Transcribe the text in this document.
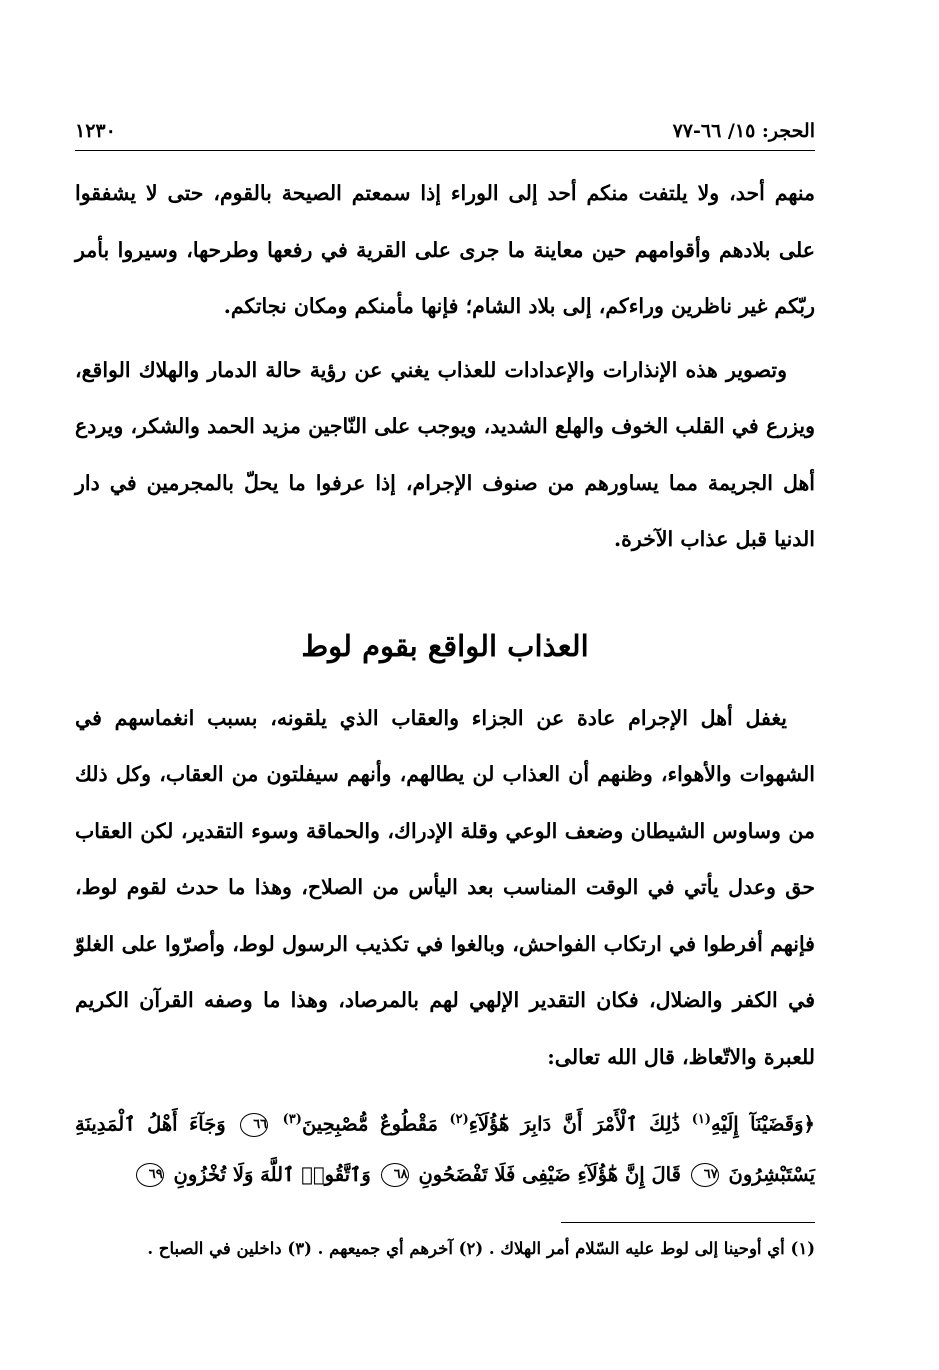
الحجر: ١٥/ ٦٦-٧٧
١٢٣٠

منهم أحد، ولا يلتفت منكم أحد إلى الوراء إذا سمعتم الصيحة بالقوم، حتى لا يشفقوا على بلادهم وأقوامهم حين معاينة ما جرى على القرية في رفعها وطرحها، وسيروا بأمر ربّكم غير ناظرين وراءكم، إلى بلاد الشام؛ فإنها مأمنكم ومكان نجاتكم.

وتصوير هذه الإنذارات والإعدادات للعذاب يغني عن رؤية حالة الدمار والهلاك الواقع، ويزرع في القلب الخوف والهلع الشديد، ويوجب على النّاجين مزيد الحمد والشكر، ويردع أهل الجريمة مما يساورهم من صنوف الإجرام، إذا عرفوا ما يحلّ بالمجرمين في دار الدنيا قبل عذاب الآخرة.

العذاب الواقع بقوم لوط

يغفل أهل الإجرام عادة عن الجزاء والعقاب الذي يلقونه، بسبب انغماسهم في الشهوات والأهواء، وظنهم أن العذاب لن يطالهم، وأنهم سيفلتون من العقاب، وكل ذلك من وساوس الشيطان وضعف الوعي وقلة الإدراك، والحماقة وسوء التقدير، لكن العقاب حق وعدل يأتي في الوقت المناسب بعد اليأس من الصلاح، وهذا ما حدث لقوم لوط، فإنهم أفرطوا في ارتكاب الفواحش، وبالغوا في تكذيب الرسول لوط، وأصرّوا على الغلوّ في الكفر والضلال، فكان التقدير الإلهي لهم بالمرصاد، وهذا ما وصفه القرآن الكريم للعبرة والاتّعاظ، قال الله تعالى:

﴿وَقَضَيْنَآ إِلَيْهِ$^{(١)}$ ذَٰلِكَ ٱلْأَمْرَ أَنَّ دَابِرَ هَٰٓؤُلَآءِ$^{(٢)}$ مَقْطُوعٌ مُّصْبِحِينَ$^{(٣)}$ ٦٦ وَجَآءَ أَهْلُ ٱلْمَدِينَةِ يَسْتَبْشِرُونَ ٦٧ قَالَ إِنَّ هَٰٓؤُلَآءِ ضَيْفِى فَلَا تَفْضَحُونِ ٦٨ وَٱتَّقُوا۟ ٱللَّهَ وَلَا تُخْزُونِ ٦٩
(١) أي أوحينا إلى لوط عليه السّلام أمر الهلاك . (٢) آخرهم أي جميعهم . (٣) داخلين في الصباح .
